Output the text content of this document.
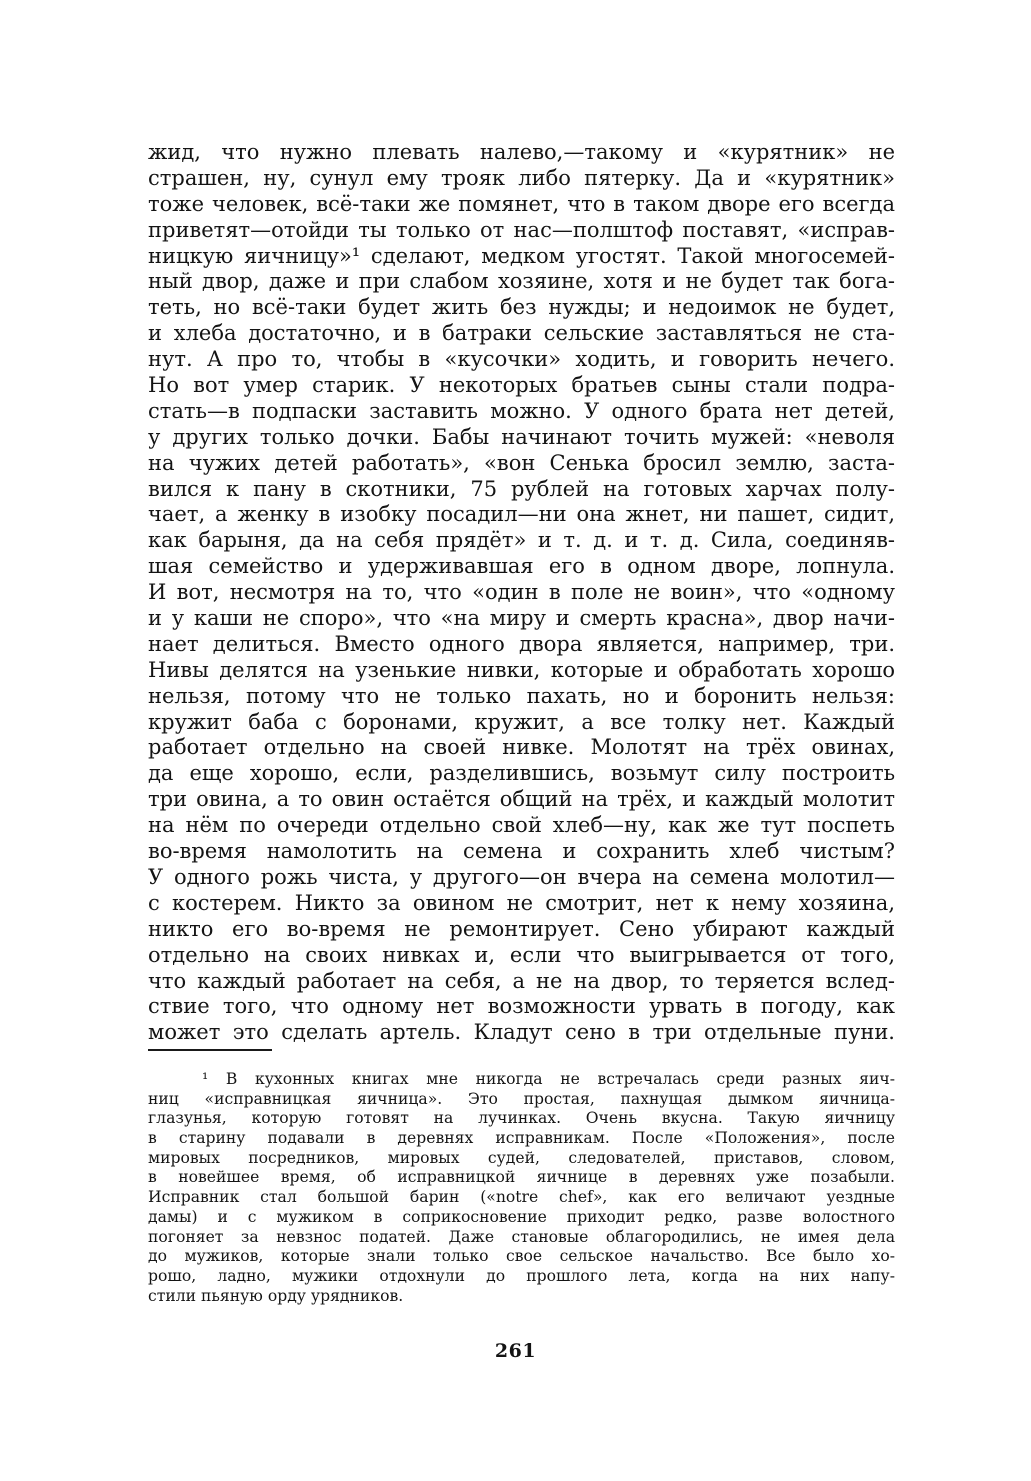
жид, что нужно плевать налево,—такому и «курятник» не
страшен, ну, сунул ему трояк либо пятерку. Да и «курятник»
тоже человек, всё-таки же помянет, что в таком дворе его всегда
приветят—отойди ты только от нас—полштоф поставят, «исправ-
ницкую яичницу»¹ сделают, медком угостят. Такой многосемей-
ный двор, даже и при слабом хозяине, хотя и не будет так бога-
теть, но всё-таки будет жить без нужды; и недоимок не будет,
и хлеба достаточно, и в батраки сельские заставляться не ста-
нут. А про то, чтобы в «кусочки» ходить, и говорить нечего.
Но вот умер старик. У некоторых братьев сыны стали подра-
стать—в подпаски заставить можно. У одного брата нет детей,
у других только дочки. Бабы начинают точить мужей: «неволя
на чужих детей работать», «вон Сенька бросил землю, заста-
вился к пану в скотники, 75 рублей на готовых харчах полу-
чает, а женку в изобку посадил—ни она жнет, ни пашет, сидит,
как барыня, да на себя прядёт» и т. д. и т. д. Сила, соединяв-
шая семейство и удерживавшая его в одном дворе, лопнула.
И вот, несмотря на то, что «один в поле не воин», что «одному
и у каши не споро», что «на миру и смерть красна», двор начи-
нает делиться. Вместо одного двора является, например, три.
Нивы делятся на узенькие нивки, которые и обработать хорошо
нельзя, потому что не только пахать, но и боронить нельзя:
кружит баба с боронами, кружит, а все толку нет. Каждый
работает отдельно на своей нивке. Молотят на трёх овинах,
да еще хорошо, если, разделившись, возьмут силу построить
три овина, а то овин остаётся общий на трёх, и каждый молотит
на нём по очереди отдельно свой хлеб—ну, как же тут поспеть
во-время намолотить на семена и сохранить хлеб чистым?
У одного рожь чиста, у другого—он вчера на семена молотил—
с костерем. Никто за овином не смотрит, нет к нему хозяина,
никто его во-время не ремонтирует. Сено убирают каждый
отдельно на своих нивках и, если что выигрывается от того,
что каждый работает на себя, а не на двор, то теряется вслед-
ствие того, что одному нет возможности урвать в погоду, как
может это сделать артель. Кладут сено в три отдельные пуни.
¹ В кухонных книгах мне никогда не встречалась среди разных яич-
ниц «исправницкая яичница». Это простая, пахнущая дымком яичница-
глазунья, которую готовят на лучинках. Очень вкусна. Такую яичницу
в старину подавали в деревнях исправникам. После «Положения», после
мировых посредников, мировых судей, следователей, приставов, словом,
в новейшее время, об исправницкой яичнице в деревнях уже позабыли.
Исправник стал большой барин («notre chef», как его величают уездные
дамы) и с мужиком в соприкосновение приходит редко, разве волостного
погоняет за невзнос податей. Даже становые облагородились, не имея дела
до мужиков, которые знали только свое сельское начальство. Все было хо-
рошо, ладно, мужики отдохнули до прошлого лета, когда на них напу-
стили пьяную орду урядников.
261
